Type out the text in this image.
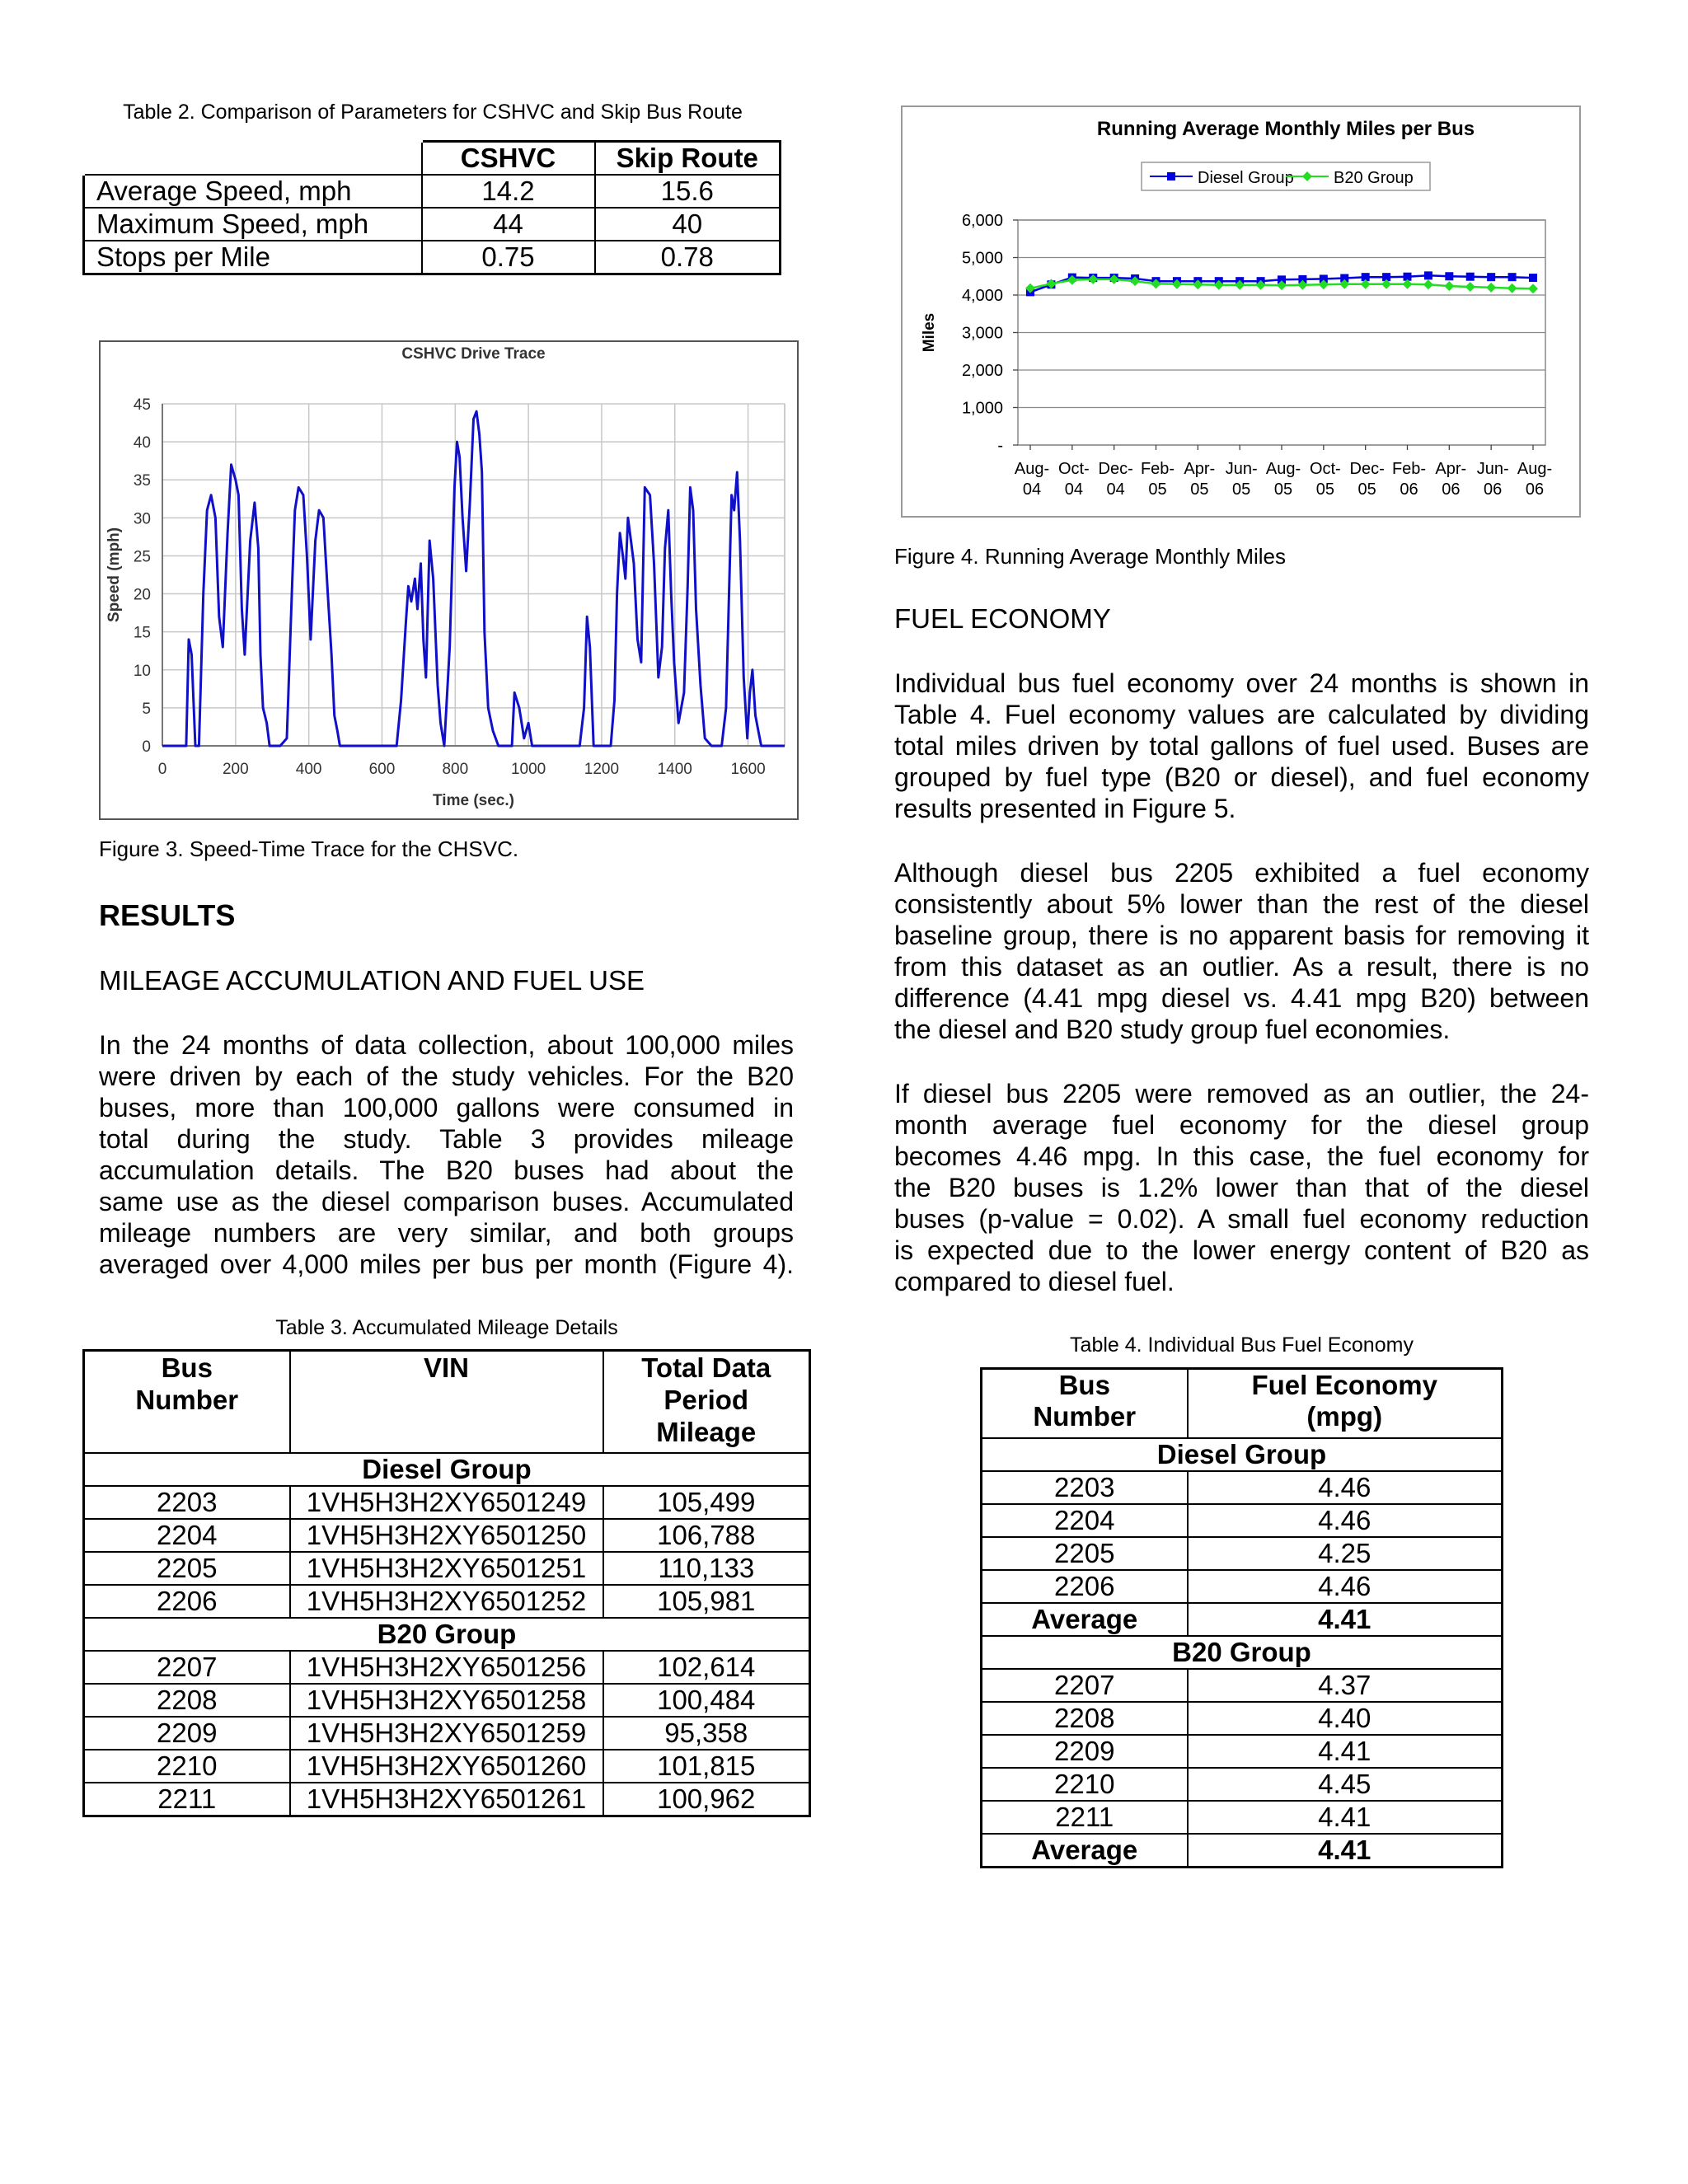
Table 2. Comparison of Parameters for CSHVC and Skip Bus Route
	CSHVC	Skip Route
Average Speed, mph	14.2	15.6
Maximum Speed, mph	44	40
Stops per Mile	0.75	0.78
CSHVC Drive Trace
0
5
10
15
20
25
30
35
40
45
0	200	400	600	800	1000 1200 1400 1600
Time (sec.)
Speed (mph)
Figure 3. Speed-Time Trace for the CHSVC.
RESULTS
MILEAGE ACCUMULATION AND FUEL USE
In the 24 months of data collection, about 100,000 miles
were driven by each of the study vehicles. For the B20
buses, more than 100,000 gallons were consumed in
total during the study. Table 3 provides mileage
accumulation details. The B20 buses had about the
same use as the diesel comparison buses. Accumulated
mileage numbers are very similar, and both groups
averaged over 4,000 miles per bus per month (Figure 4).
Table 3. Accumulated Mileage Details
Bus
Number	VIN	Total Data
Period
Mileage
Diesel Group		
2203	1VH5H3H2XY6501249	105,499
2204	1VH5H3H2XY6501250	106,788
2205	1VH5H3H2XY6501251	110,133
2206	1VH5H3H2XY6501252	105,981
B20 Group		
2207	1VH5H3H2XY6501256	102,614
2208	1VH5H3H2XY6501258	100,484
2209	1VH5H3H2XY6501259	95,358
2210	1VH5H3H2XY6501260	101,815
2211	1VH5H3H2XY6501261	100,962
Running Average Monthly Miles per Bus
Diesel Group B20 Group
-
1,000
2,000
3,000
4,000
5,000
6,000
Miles
Aug-
04
Oct-
04
Dec-
04
Feb-
05
Apr-
05
Jun-
05
Aug-
05
Oct-
05
Dec-
05
Feb-
06
Apr-
06
Jun-
06
Aug-
06
Figure 4. Running Average Monthly Miles
FUEL ECONOMY
Individual bus fuel economy over 24 months is shown in
Table 4. Fuel economy values are calculated by dividing
total miles driven by total gallons of fuel used. Buses are
grouped by fuel type (B20 or diesel), and fuel economy
results presented in Figure 5.
Although diesel bus 2205 exhibited a fuel economy
consistently about 5% lower than the rest of the diesel
baseline group, there is no apparent basis for removing it
from this dataset as an outlier. As a result, there is no
difference (4.41 mpg diesel vs. 4.41 mpg B20) between
the diesel and B20 study group fuel economies.
If diesel bus 2205 were removed as an outlier, the 24-
month average fuel economy for the diesel group
becomes 4.46 mpg. In this case, the fuel economy for
the B20 buses is 1.2% lower than that of the diesel
buses (p-value = 0.02). A small fuel economy reduction
is expected due to the lower energy content of B20 as
compared to diesel fuel.
Table 4. Individual Bus Fuel Economy
Bus
Number	Fuel Economy
(mpg)
Diesel Group	
2203	4.46
2204	4.46
2205	4.25
2206	4.46
Average	4.41
B20 Group	
2207	4.37
2208	4.40
2209	4.41
2210	4.45
2211	4.41
Average	4.41
